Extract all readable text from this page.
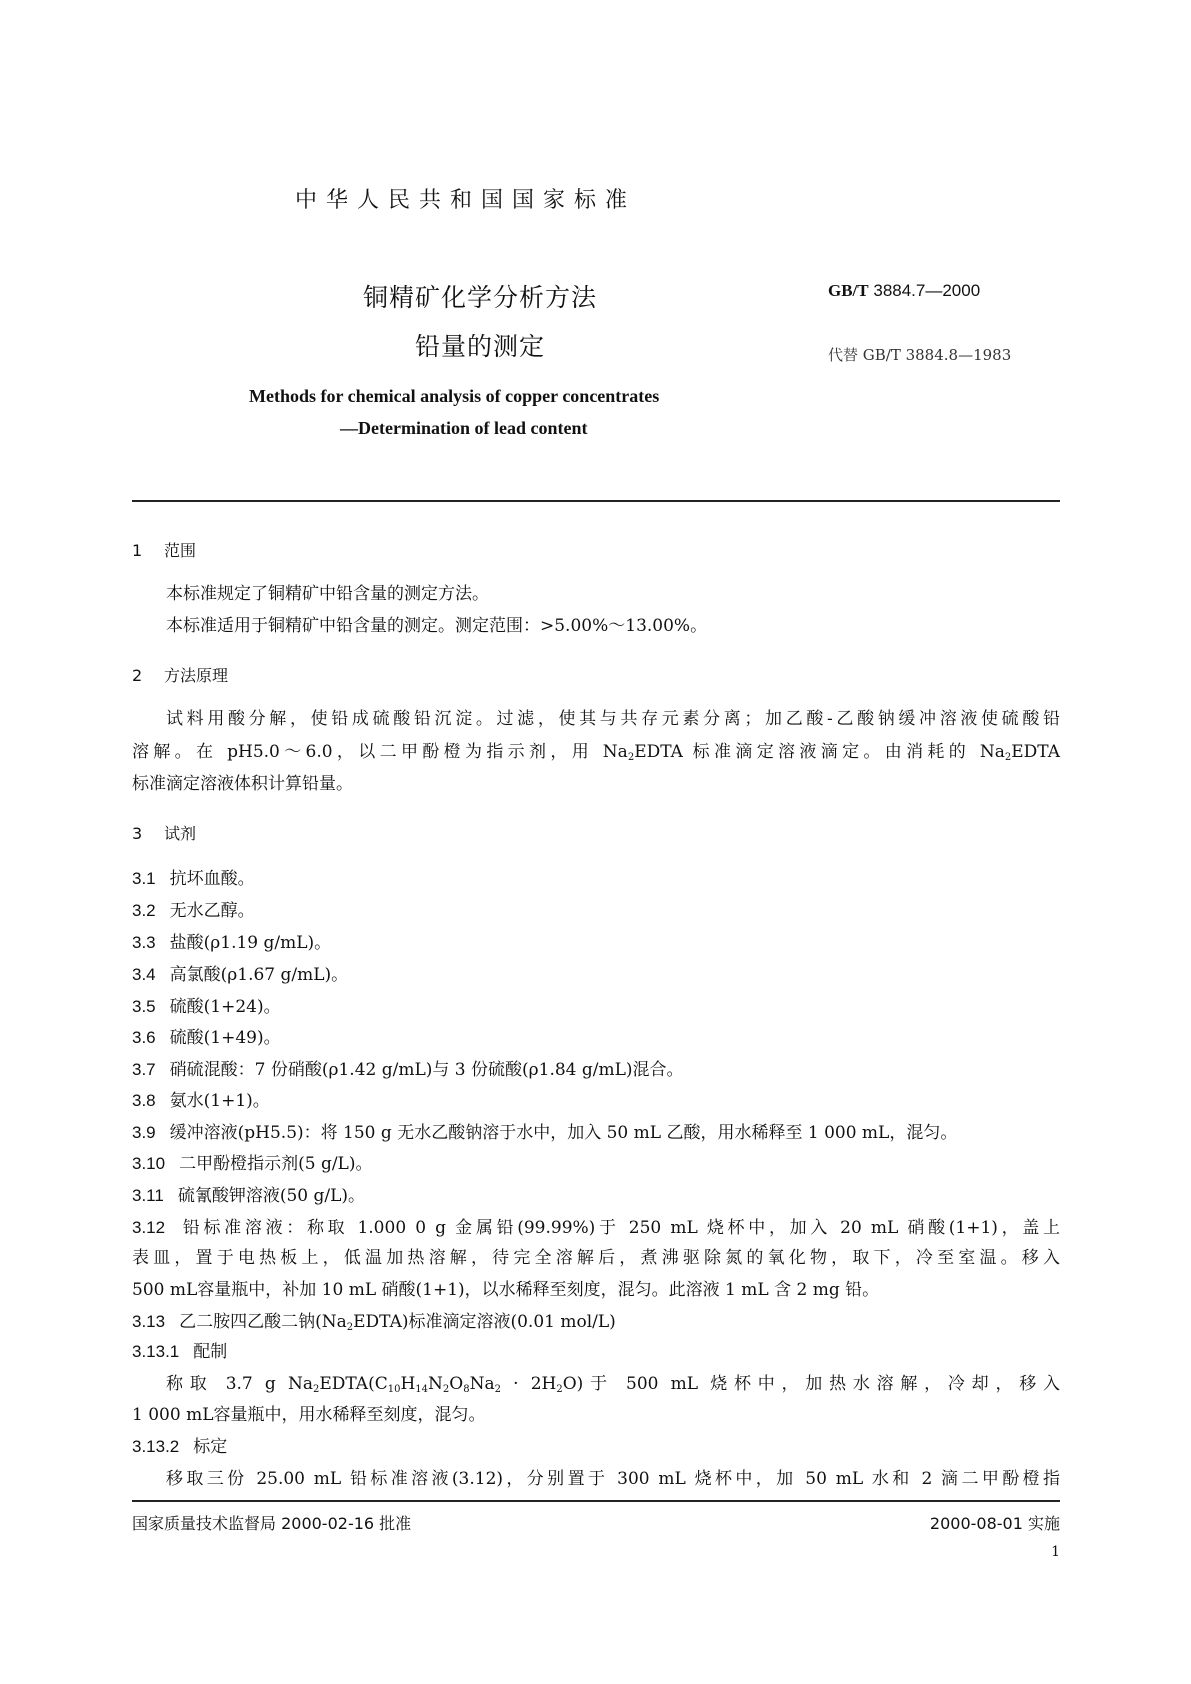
中华人民共和国国家标准
铜精矿化学分析方法
铅量的测定
GB/T 3884.7—2000
代替 GB/T 3884.8—1983
Methods for chemical analysis of copper concentrates
—Determination of lead content
1 范围
本标准规定了铜精矿中铅含量的测定方法。
本标准适用于铜精矿中铅含量的测定。测定范围：>5.00%～13.00%。
2 方法原理
试料用酸分解，使铅成硫酸铅沉淀。过滤，使其与共存元素分离；加乙酸-乙酸钠缓冲溶液使硫酸铅
溶解。在 pH5.0～6.0，以二甲酚橙为指示剂，用 $Na_2EDTA$ 标准滴定溶液滴定。由消耗的 $Na_2EDTA$
标准滴定溶液体积计算铅量。
3 试剂
3.1 抗坏血酸。
3.2 无水乙醇。
3.3 盐酸(ρ1.19 g/mL)。
3.4 高氯酸(ρ1.67 g/mL)。
3.5 硫酸(1+24)。
3.6 硫酸(1+49)。
3.7 硝硫混酸：7 份硝酸(ρ1.42 g/mL)与 3 份硫酸(ρ1.84 g/mL)混合。
3.8 氨水(1+1)。
3.9 缓冲溶液(pH5.5)：将 150 g 无水乙酸钠溶于水中，加入 50 mL 乙酸，用水稀释至 1 000 mL，混匀。
3.10 二甲酚橙指示剂(5 g/L)。
3.11 硫氰酸钾溶液(50 g/L)。
3.12 铅标准溶液：称取 1.000 0 g 金属铅(99.99%)于 250 mL 烧杯中，加入 20 mL 硝酸(1+1)，盖上
表皿，置于电热板上，低温加热溶解，待完全溶解后，煮沸驱除氮的氧化物，取下，冷至室温。移入
500 mL容量瓶中，补加 10 mL 硝酸(1+1)，以水稀释至刻度，混匀。此溶液 1 mL 含 2 mg 铅。
3.13 乙二胺四乙酸二钠$(Na_2EDTA)$标准滴定溶液(0.01 mol/L)
3.13.1 配制
称取 3.7 g $Na_2EDTA(C_{10}H_{14}N_2O_8Na_2 \cdot 2H_2O)$于 500 mL 烧杯中，加热水溶解，冷却，移入
1 000 mL容量瓶中，用水稀释至刻度，混匀。
3.13.2 标定
移取三份 25.00 mL 铅标准溶液(3.12)，分别置于 300 mL 烧杯中，加 50 mL 水和 2 滴二甲酚橙指
国家质量技术监督局 2000-02-16 批准	2000-08-01 实施
1
